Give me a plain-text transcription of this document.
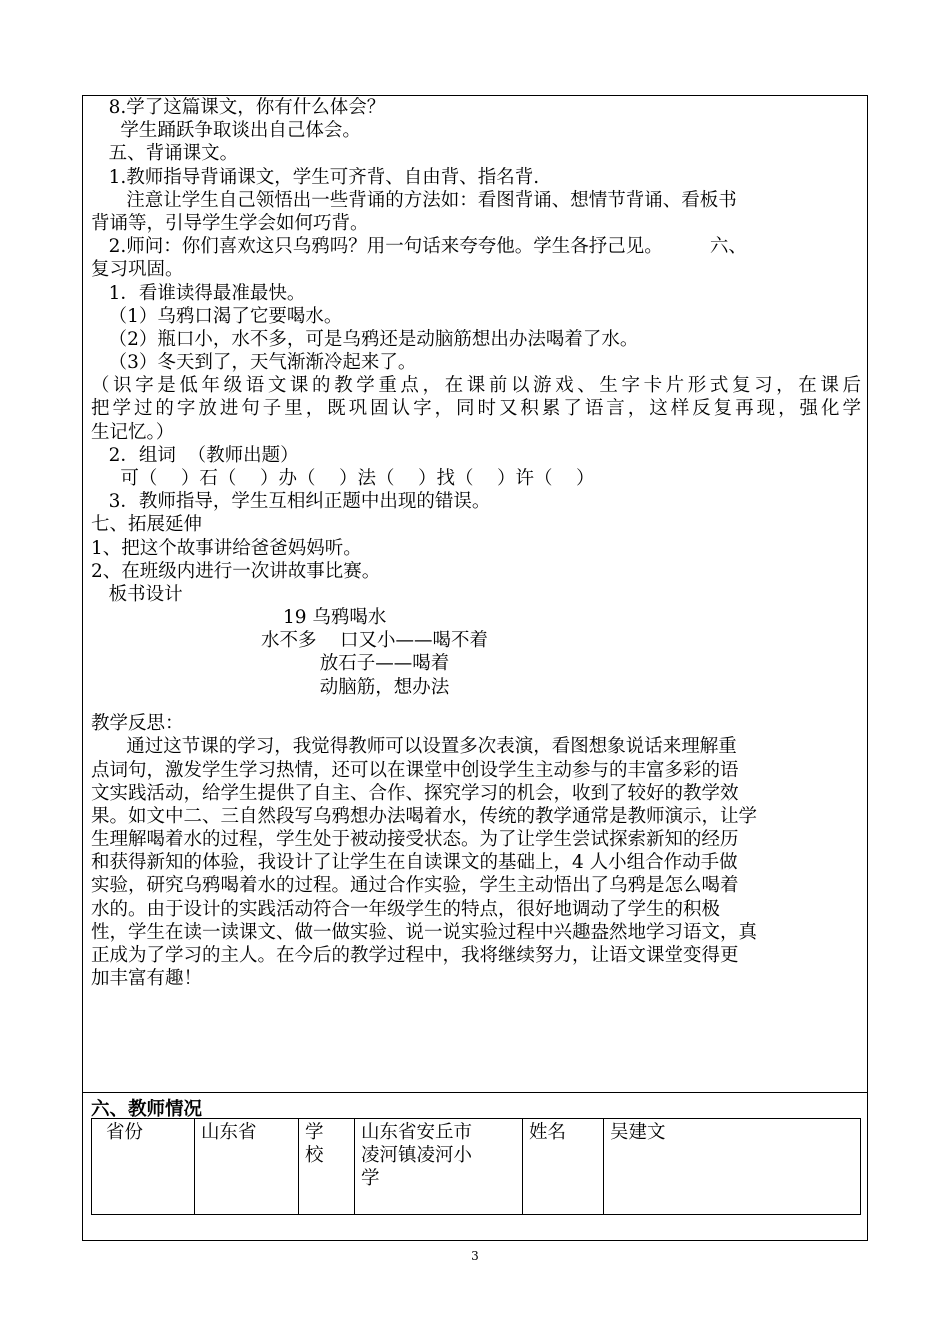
8.学了这篇课文，你有什么体会？
学生踊跃争取谈出自己体会。
五、背诵课文。
1.教师指导背诵课文，学生可齐背、自由背、指名背.
注意让学生自己领悟出一些背诵的方法如：看图背诵、想情节背诵、看板书
背诵等，引导学生学会如何巧背。
2.师问：你们喜欢这只乌鸦吗？用一句话来夸夸他。学生各抒己见。        六、
复习巩固。
1．看谁读得最准最快。
（1）乌鸦口渴了它要喝水。
（2）瓶口小，水不多，可是乌鸦还是动脑筋想出办法喝着了水。
（3）冬天到了，天气渐渐冷起来了。
（识字是低年级语文课的教学重点，在课前以游戏、生字卡片形式复习，在课后
把学过的字放进句子里，既巩固认字，同时又积累了语言，这样反复再现，强化学
生记忆。）
2．组词  （教师出题）
可（    ）石（    ）办（    ）法（    ）找（    ）许（    ）
3．教师指导，学生互相纠正题中出现的错误。
七、拓展延伸
1、把这个故事讲给爸爸妈妈听。
2、在班级内进行一次讲故事比赛。
板书设计
19 乌鸦喝水
水不多    口又小——喝不着
放石子——喝着
动脑筋，想办法
教学反思：
通过这节课的学习，我觉得教师可以设置多次表演，看图想象说话来理解重
点词句，激发学生学习热情，还可以在课堂中创设学生主动参与的丰富多彩的语
文实践活动，给学生提供了自主、合作、探究学习的机会，收到了较好的教学效
果。如文中二、三自然段写乌鸦想办法喝着水，传统的教学通常是教师演示，让学
生理解喝着水的过程，学生处于被动接受状态。为了让学生尝试探索新知的经历
和获得新知的体验，我设计了让学生在自读课文的基础上，4 人小组合作动手做
实验，研究乌鸦喝着水的过程。通过合作实验，学生主动悟出了乌鸦是怎么喝着
水的。由于设计的实践活动符合一年级学生的特点，很好地调动了学生的积极
性，学生在读一读课文、做一做实验、说一说实验过程中兴趣盎然地学习语文，真
正成为了学习的主人。在今后的教学过程中，我将继续努力，让语文课堂变得更
加丰富有趣！
六、教师情况
省份	山东省	学
校	山东省安丘市
凌河镇凌河小
学	姓名	吴建文
3
